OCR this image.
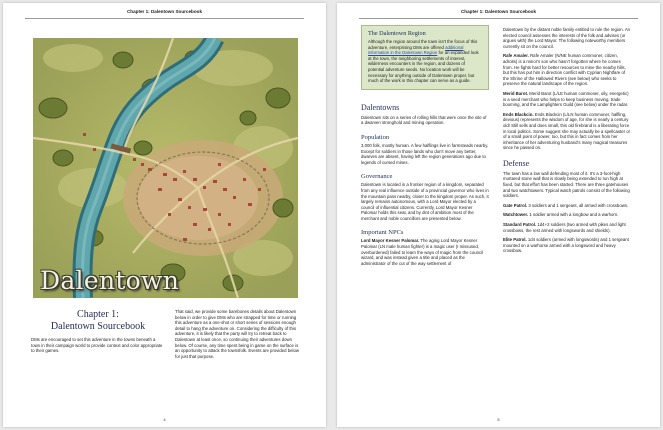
Chapter 1: Dalentown Sourcebook
Dalentown
Chapter 1:
Dalentown Sourcebook
DMs are encouraged to set this adventure in the towns beneath a town in their campaign world to provide context and color appropriate to their games.
That said, we provide some barebones details about Dalentown below in order to give DMs who are strapped for time or running this adventure as a one-shot or short series of sessions enough detail to hang the adventure on. Considering the difficulty of this adventure, it is likely that the party will try to retreat back to Dalentown at least once, so continuing their adventures down below. Of course, any time spent being in game on the surface is an opportunity to attack the townsfolk. Events are provided below for just that purpose.
4
Chapter 1: Dalentown Sourcebook
The Dalentown Region
Although the region around the town isn't the focus of this adventure, enterprising DMs are offered additional information in the Dalentown Region for an expanded look at the town, the neighboring settlements of interest, wilderness encounters in the region, and dozens of potential adventure seeds. No location work will be necessary for anything outside of Dalentown proper, but much of the work in this chapter can serve as a guide.
Dalentowns
Dalentown sits on a series of rolling hills that were once the site of a dwarven stronghold and mining operation.
Population
3,000 folk, mostly human. A few halflings live in farmsteads nearby. Except for soldiers in those lands who don't move any better, dwarves are absent, having left the region generations ago due to legends of cursed mines.
Governance
Dalentown is located in a frontier region of a kingdom, separated from any real influence outside of a provincial governor who lives in the mountain pass nearby, closer to the kingdom proper. As such, it largely remains autonomous, with a Lord Mayor elected by a council of influential citizens. Currently, Lord Mayor Kesner Palomar holds this seat, and by dint of ambition most of the merchant and noble councillors are presented below.
Important NPCs
Lord Mayor Kesner Palomar. The aging Lord Mayor Kesner Palomar (LN male human fighter) is a magic user (I missused, overburdened) failed to learn the ways of magic from the council wizard, and was instead given a title and placed as the administrator of the cut of the way settlement of
Dalentown by the distant noble family entitled to rule the region. An elected council assesses the interests of the folk and advises (or argues with) the Lord Mayor. The following noteworthy members currently sit on the council.
Rafe Amaler. Rafe Amaler (N/NE human commoner, citizen, adroits) is a minor's son who hasn't forgotten where he comes from. He fights hard for better resources to mine the nearby hills, but this has put him in direction conflict with Cyprian Nightfare of the Shrine of the Hallowed Rivers (see below) who seeks to preserve the natural landscape of the region.
Merid Barot. Merid Barot (L/LE human commoner, oily, energetic) is a seed merchant who helps to keep business moving, trade booming, and the Lamplighters Guild (see below) under the radar.
Ends Blackcin. Ends Blackcin (L/LN human commoner, halfling, devious) represents the wisdom of age, for she is nearly a century old! Still sells and does small, this old firebrand is a liberating force in local politics. Some suggest she may actually be a spellcaster or of a small point of power, too, but this in fact comes from her inheritance of her adventuring husband's many magical treasures since he passed on.
Defense
The town has a low wall defending most of it. It's a 3-foot-high mortared stone wall that is slowly being extended to run high at fixed, but that effort has been started. There are three gatehouses and two watchtowers. Typical watch patrols consist of the following soldiers.
Gate Patrol. 3 soldiers and 1 sergeant, all armed with crossbows.
Watchtower. 1 soldier armed with a longbow and a warhorn.
Standard Patrol. 1d4+2 soldiers (two armed with pikes and light crossbows, the rest armed with longswords and shields).
Elite Patrol. 1d4 soldiers (armed with longswords) and 1 sergeant mounted on a warhorse armed with a longsword and heavy crossbow.
5
